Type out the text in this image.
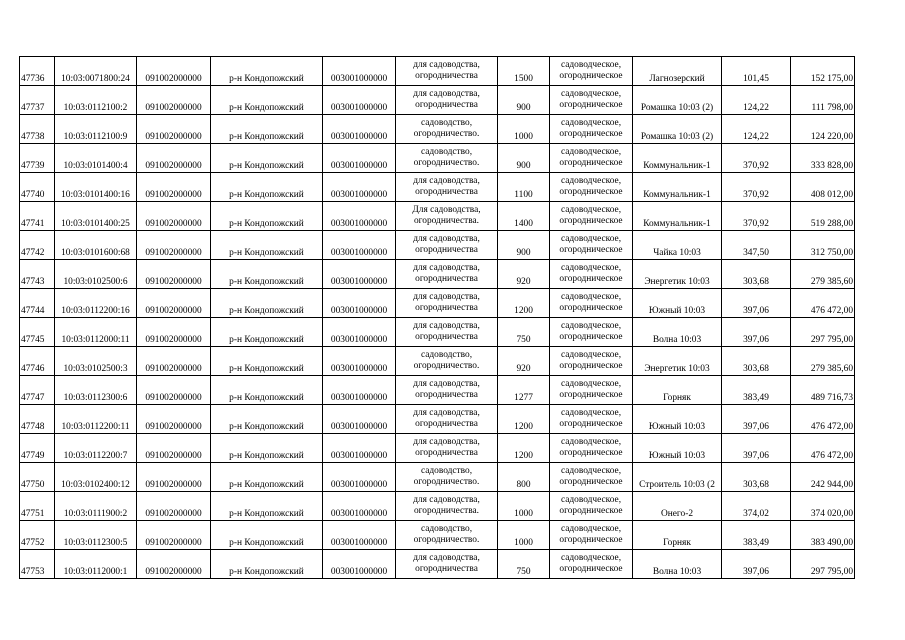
47736	10:03:0071800:24	091002000000	р-н Кондопожский	003001000000	для садоводства,
огородничества	1500	садоводческое,
огородническое	Лагнозерский	101,45	152 175,00
47737	10:03:0112100:2	091002000000	р-н Кондопожский	003001000000	для садоводства,
огородничества	900	садоводческое,
огородническое	Ромашка 10:03 (2)	124,22	111 798,00
47738	10:03:0112100:9	091002000000	р-н Кондопожский	003001000000	садоводство,
огородничество.	1000	садоводческое,
огородническое	Ромашка 10:03 (2)	124,22	124 220,00
47739	10:03:0101400:4	091002000000	р-н Кондопожский	003001000000	садоводство,
огородничество.	900	садоводческое,
огородническое	Коммунальник-1	370,92	333 828,00
47740	10:03:0101400:16	091002000000	р-н Кондопожский	003001000000	для садоводства,
огородничества	1100	садоводческое,
огородническое	Коммунальник-1	370,92	408 012,00
47741	10:03:0101400:25	091002000000	р-н Кондопожский	003001000000	Для садоводства,
огородничества.	1400	садоводческое,
огородническое	Коммунальник-1	370,92	519 288,00
47742	10:03:0101600:68	091002000000	р-н Кондопожский	003001000000	для садоводства,
огородничества	900	садоводческое,
огородническое	Чайка 10:03	347,50	312 750,00
47743	10:03:0102500:6	091002000000	р-н Кондопожский	003001000000	для садоводства,
огородничества	920	садоводческое,
огородническое	Энергетик 10:03	303,68	279 385,60
47744	10:03:0112200:16	091002000000	р-н Кондопожский	003001000000	для садоводства,
огородничества	1200	садоводческое,
огородническое	Южный 10:03	397,06	476 472,00
47745	10:03:0112000:11	091002000000	р-н Кондопожский	003001000000	для садоводства,
огородничества	750	садоводческое,
огородническое	Волна 10:03	397,06	297 795,00
47746	10:03:0102500:3	091002000000	р-н Кондопожский	003001000000	садоводство,
огородничество.	920	садоводческое,
огородническое	Энергетик 10:03	303,68	279 385,60
47747	10:03:0112300:6	091002000000	р-н Кондопожский	003001000000	для садоводства,
огородничества	1277	садоводческое,
огородническое	Горняк	383,49	489 716,73
47748	10:03:0112200:11	091002000000	р-н Кондопожский	003001000000	для садоводства,
огородничества	1200	садоводческое,
огородническое	Южный 10:03	397,06	476 472,00
47749	10:03:0112200:7	091002000000	р-н Кондопожский	003001000000	для садоводства,
огородничества	1200	садоводческое,
огородническое	Южный 10:03	397,06	476 472,00
47750	10:03:0102400:12	091002000000	р-н Кондопожский	003001000000	садоводство,
огородничество.	800	садоводческое,
огородническое	Строитель 10:03 (2	303,68	242 944,00
47751	10:03:0111900:2	091002000000	р-н Кондопожский	003001000000	для садоводства,
огородничества.	1000	садоводческое,
огородническое	Онего-2	374,02	374 020,00
47752	10:03:0112300:5	091002000000	р-н Кондопожский	003001000000	садоводство,
огородничество.	1000	садоводческое,
огородническое	Горняк	383,49	383 490,00
47753	10:03:0112000:1	091002000000	р-н Кондопожский	003001000000	для садоводства,
огородничества	750	садоводческое,
огородническое	Волна 10:03	397,06	297 795,00
